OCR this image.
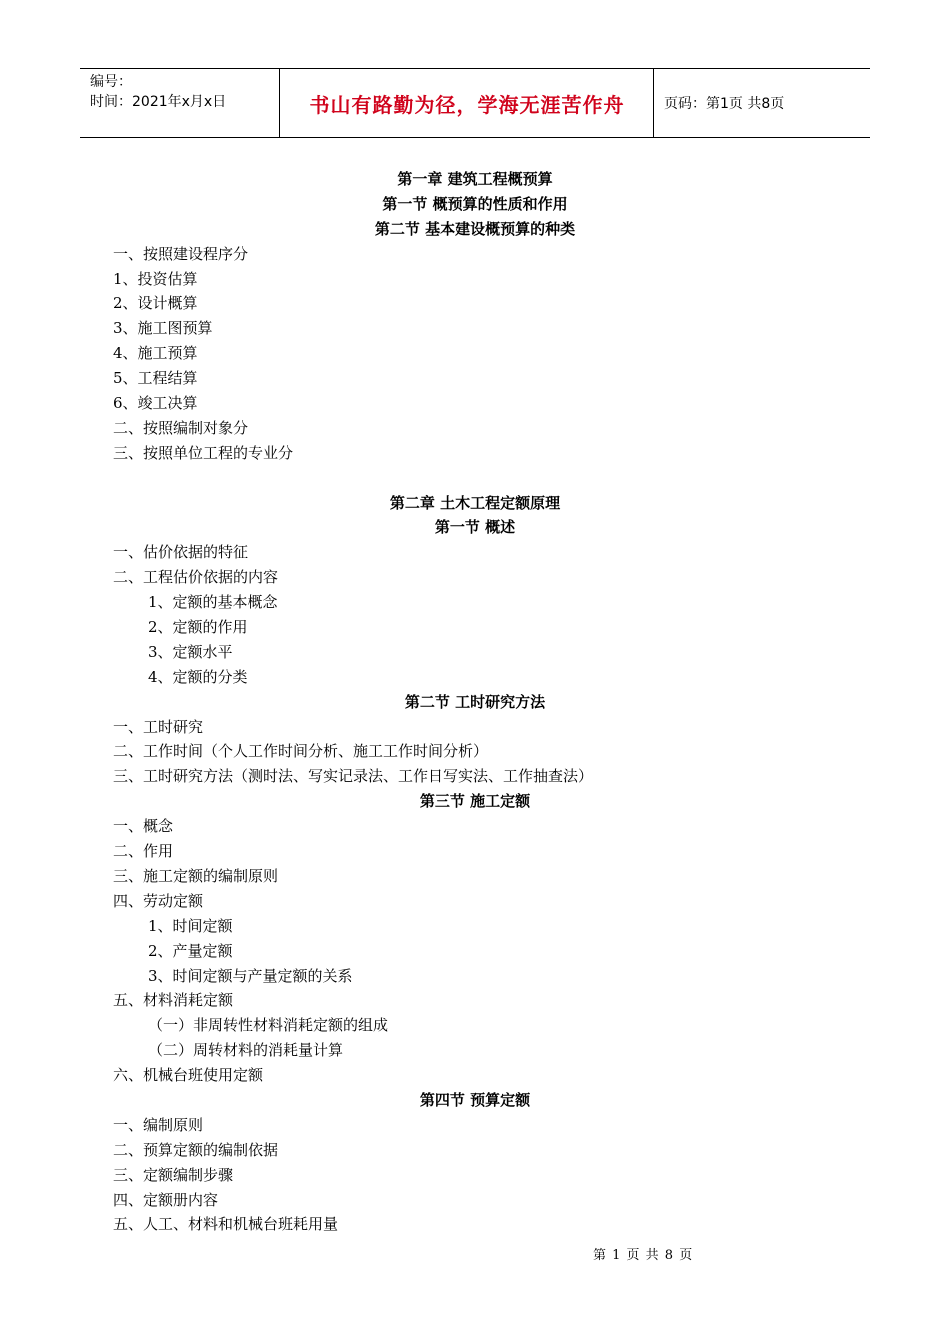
编号：
时间：2021年x月x日	书山有路勤为径，学海无涯苦作舟	页码：第1页 共8页
第一章 建筑工程概预算
第一节 概预算的性质和作用
第二节 基本建设概预算的种类
一、按照建设程序分
1、投资估算
2、设计概算
3、施工图预算
4、施工预算
5、工程结算
6、竣工决算
二、按照编制对象分
三、按照单位工程的专业分
第二章 土木工程定额原理
第一节 概述
一、估价依据的特征
二、工程估价依据的内容
1、定额的基本概念
2、定额的作用
3、定额水平
4、定额的分类
第二节 工时研究方法
一、工时研究
二、工作时间（个人工作时间分析、施工工作时间分析）
三、工时研究方法（测时法、写实记录法、工作日写实法、工作抽查法）
第三节 施工定额
一、概念
二、作用
三、施工定额的编制原则
四、劳动定额
1、时间定额
2、产量定额
3、时间定额与产量定额的关系
五、材料消耗定额
（一）非周转性材料消耗定额的组成
（二）周转材料的消耗量计算
六、机械台班使用定额
第四节 预算定额
一、编制原则
二、预算定额的编制依据
三、定额编制步骤
四、定额册内容
五、人工、材料和机械台班耗用量
第 1 页 共 8 页
